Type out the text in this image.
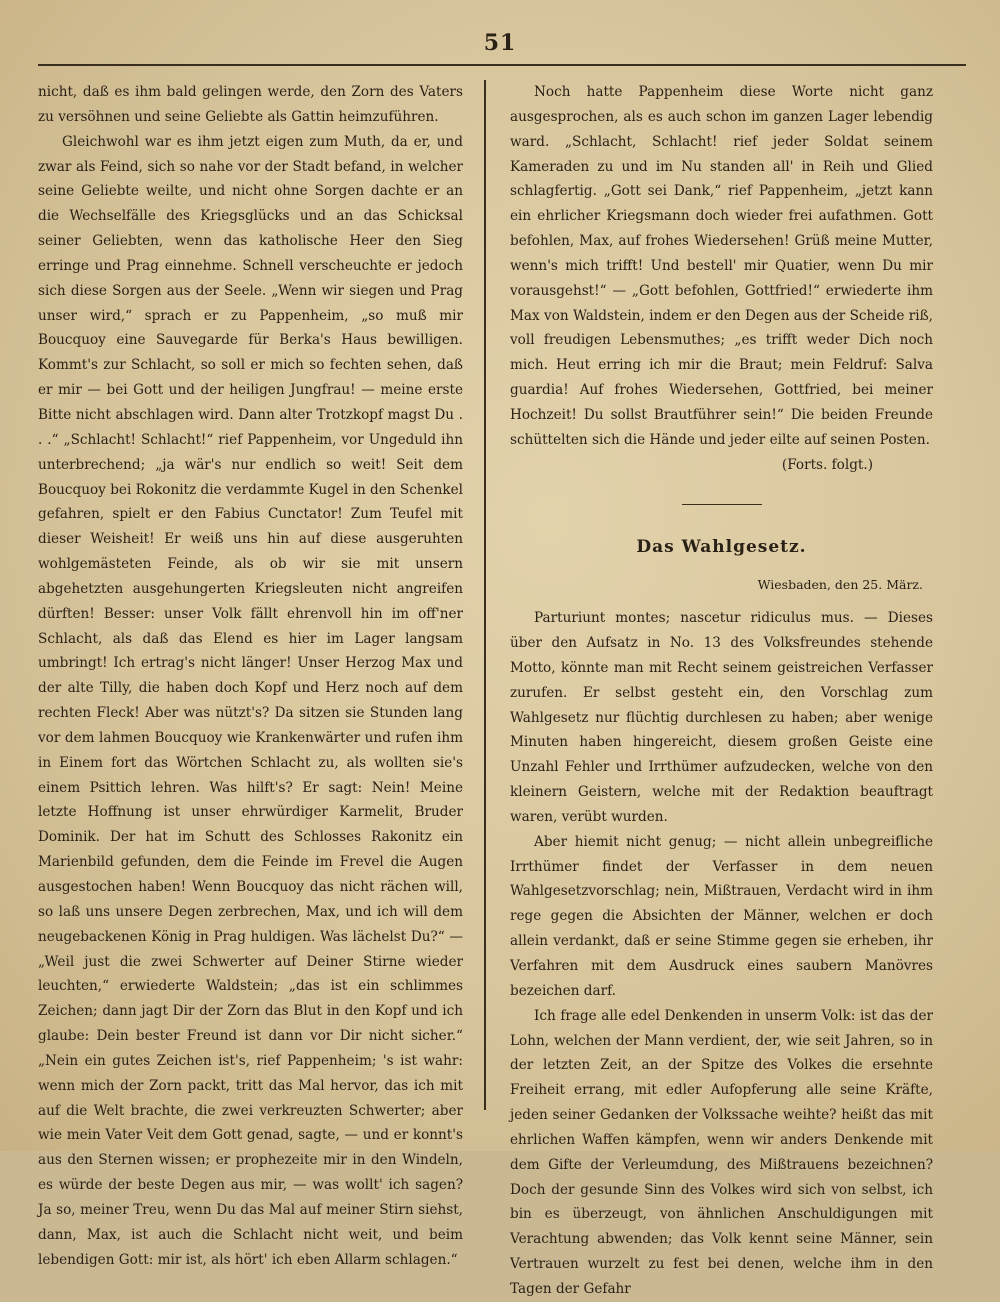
51

nicht, daß es ihm bald gelingen werde, den Zorn des Vaters zu versöhnen und seine Geliebte als Gattin heimzuführen.

Gleichwohl war es ihm jetzt eigen zum Muth, da er, und zwar als Feind, sich so nahe vor der Stadt befand, in welcher seine Geliebte weilte, und nicht ohne Sorgen dachte er an die Wechselfälle des Kriegsglücks und an das Schicksal seiner Geliebten, wenn das katholische Heer den Sieg erringe und Prag einnehme. Schnell verscheuchte er jedoch sich diese Sorgen aus der Seele. „Wenn wir siegen und Prag unser wird,“ sprach er zu Pappenheim, „so muß mir Boucquoy eine Sauvegarde für Berka's Haus bewilligen. Kommt's zur Schlacht, so soll er mich so fechten sehen, daß er mir — bei Gott und der heiligen Jungfrau! — meine erste Bitte nicht abschlagen wird. Dann alter Trotzkopf magst Du . . .“ „Schlacht! Schlacht!“ rief Pappenheim, vor Ungeduld ihn unterbrechend; „ja wär's nur endlich so weit! Seit dem Boucquoy bei Rokonitz die verdammte Kugel in den Schenkel gefahren, spielt er den Fabius Cunctator! Zum Teufel mit dieser Weisheit! Er weiß uns hin auf diese ausgeruhten wohlgemästeten Feinde, als ob wir sie mit unsern abgehetzten ausgehungerten Kriegsleuten nicht angreifen dürften! Besser: unser Volk fällt ehrenvoll hin im off'ner Schlacht, als daß das Elend es hier im Lager langsam umbringt! Ich ertrag's nicht länger! Unser Herzog Max und der alte Tilly, die haben doch Kopf und Herz noch auf dem rechten Fleck! Aber was nützt's? Da sitzen sie Stunden lang vor dem lahmen Boucquoy wie Krankenwärter und rufen ihm in Einem fort das Wörtchen Schlacht zu, als wollten sie's einem Psittich lehren. Was hilft's? Er sagt: Nein! Meine letzte Hoffnung ist unser ehrwürdiger Karmelit, Bruder Dominik. Der hat im Schutt des Schlosses Rakonitz ein Marienbild gefunden, dem die Feinde im Frevel die Augen ausgestochen haben! Wenn Boucquoy das nicht rächen will, so laß uns unsere Degen zerbrechen, Max, und ich will dem neugebackenen König in Prag huldigen. Was lächelst Du?“ — „Weil just die zwei Schwerter auf Deiner Stirne wieder leuchten,“ erwiederte Waldstein; „das ist ein schlimmes Zeichen; dann jagt Dir der Zorn das Blut in den Kopf und ich glaube: Dein bester Freund ist dann vor Dir nicht sicher.“ „Nein ein gutes Zeichen ist's, rief Pappenheim; 's ist wahr: wenn mich der Zorn packt, tritt das Mal hervor, das ich mit auf die Welt brachte, die zwei verkreuzten Schwerter; aber wie mein Vater Veit dem Gott genad, sagte, — und er konnt's aus den Sternen wissen; er prophezeite mir in den Windeln, es würde der beste Degen aus mir, — was wollt' ich sagen? Ja so, meiner Treu, wenn Du das Mal auf meiner Stirn siehst, dann, Max, ist auch die Schlacht nicht weit, und beim lebendigen Gott: mir ist, als hört' ich eben Allarm schlagen.“

Noch hatte Pappenheim diese Worte nicht ganz ausgesprochen, als es auch schon im ganzen Lager lebendig ward. „Schlacht, Schlacht! rief jeder Soldat seinem Kameraden zu und im Nu standen all' in Reih und Glied schlagfertig. „Gott sei Dank,“ rief Pappenheim, „jetzt kann ein ehrlicher Kriegsmann doch wieder frei aufathmen. Gott befohlen, Max, auf frohes Wiedersehen! Grüß meine Mutter, wenn's mich trifft! Und bestell' mir Quatier, wenn Du mir vorausgehst!“ — „Gott befohlen, Gottfried!“ erwiederte ihm Max von Waldstein, indem er den Degen aus der Scheide riß, voll freudigen Lebensmuthes; „es trifft weder Dich noch mich. Heut erring ich mir die Braut; mein Feldruf: Salva guardia! Auf frohes Wiedersehen, Gottfried, bei meiner Hochzeit! Du sollst Brautführer sein!“ Die beiden Freunde schüttelten sich die Hände und jeder eilte auf seinen Posten.

(Forts. folgt.)

Das Wahlgesetz.

Wiesbaden, den 25. März.

Parturiunt montes; nascetur ridiculus mus. — Dieses über den Aufsatz in No. 13 des Volksfreundes stehende Motto, könnte man mit Recht seinem geistreichen Verfasser zurufen. Er selbst gesteht ein, den Vorschlag zum Wahlgesetz nur flüchtig durchlesen zu haben; aber wenige Minuten haben hingereicht, diesem großen Geiste eine Unzahl Fehler und Irrthümer aufzudecken, welche von den kleinern Geistern, welche mit der Redaktion beauftragt waren, verübt wurden.

Aber hiemit nicht genug; — nicht allein unbegreifliche Irrthümer findet der Verfasser in dem neuen Wahlgesetzvorschlag; nein, Mißtrauen, Verdacht wird in ihm rege gegen die Absichten der Männer, welchen er doch allein verdankt, daß er seine Stimme gegen sie erheben, ihr Verfahren mit dem Ausdruck eines saubern Manövres bezeichen darf.

Ich frage alle edel Denkenden in unserm Volk: ist das der Lohn, welchen der Mann verdient, der, wie seit Jahren, so in der letzten Zeit, an der Spitze des Volkes die ersehnte Freiheit errang, mit edler Aufopferung alle seine Kräfte, jeden seiner Gedanken der Volkssache weihte? heißt das mit ehrlichen Waffen kämpfen, wenn wir anders Denkende mit dem Gifte der Verleumdung, des Mißtrauens bezeichnen? Doch der gesunde Sinn des Volkes wird sich von selbst, ich bin es überzeugt, von ähnlichen Anschuldigungen mit Verachtung abwenden; das Volk kennt seine Männer, sein Vertrauen wurzelt zu fest bei denen, welche ihm in den Tagen der Gefahr
